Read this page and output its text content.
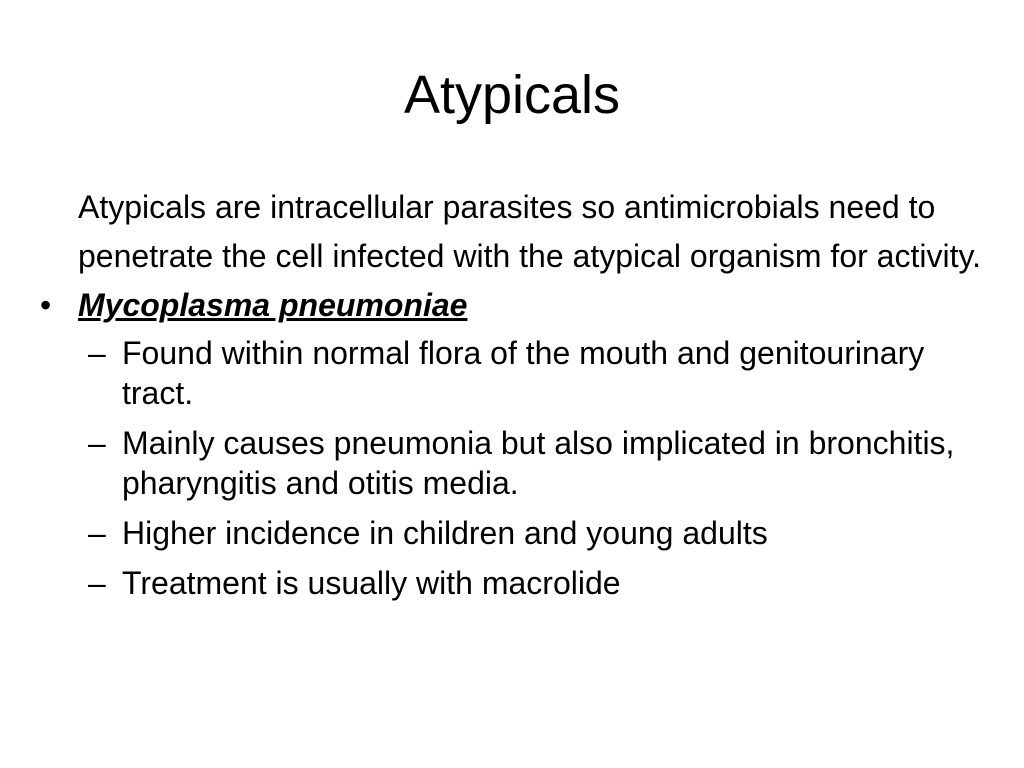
Atypicals
Atypicals are intracellular parasites so antimicrobials need to penetrate the cell infected with the atypical organism for activity.
• Mycoplasma pneumoniae
– Found within normal flora of the mouth and genitourinary tract.
– Mainly causes pneumonia but also implicated in bronchitis, pharyngitis and otitis media.
– Higher incidence in children and young adults
– Treatment is usually with macrolide
